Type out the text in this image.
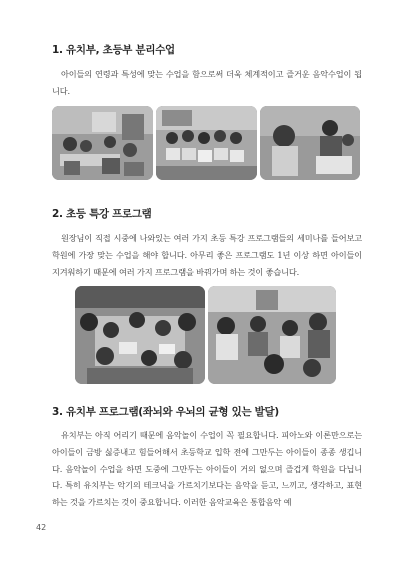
1. 유치부, 초등부 분리수업

아이들의 연령과 특성에 맞는 수업을 함으로써 더욱 체계적이고 즐거운 음악수업이 됩니다.

2. 초등 특강 프로그램

원장님이 직접 시중에 나와있는 여러 가지 초등 특강 프로그램들의 세미나를 들어보고 학원에 가장 맞는 수업을 해야 합니다. 아무리 좋은 프로그램도 1년 이상 하면 아이들이 지겨워하기 때문에 여러 가지 프로그램을 바꿔가며 하는 것이 좋습니다.

3. 유치부 프로그램(좌뇌와 우뇌의 균형 있는 발달)

유치부는 아직 어리기 때문에 음악놀이 수업이 꼭 필요합니다. 피아노와 이론만으로는 아이들이 금방 싫증내고 힘들어해서 초등학교 입학 전에 그만두는 아이들이 종종 생깁니다. 음악놀이 수업을 하면 도중에 그만두는 아이들이 거의 없으며 즐겁게 학원을 다닙니다. 특히 유치부는 악기의 테크닉을 가르치기보다는 음악을 듣고, 느끼고, 생각하고, 표현하는 것을 가르치는 것이 중요합니다. 이러한 음악교육은 통합음악 예

42
